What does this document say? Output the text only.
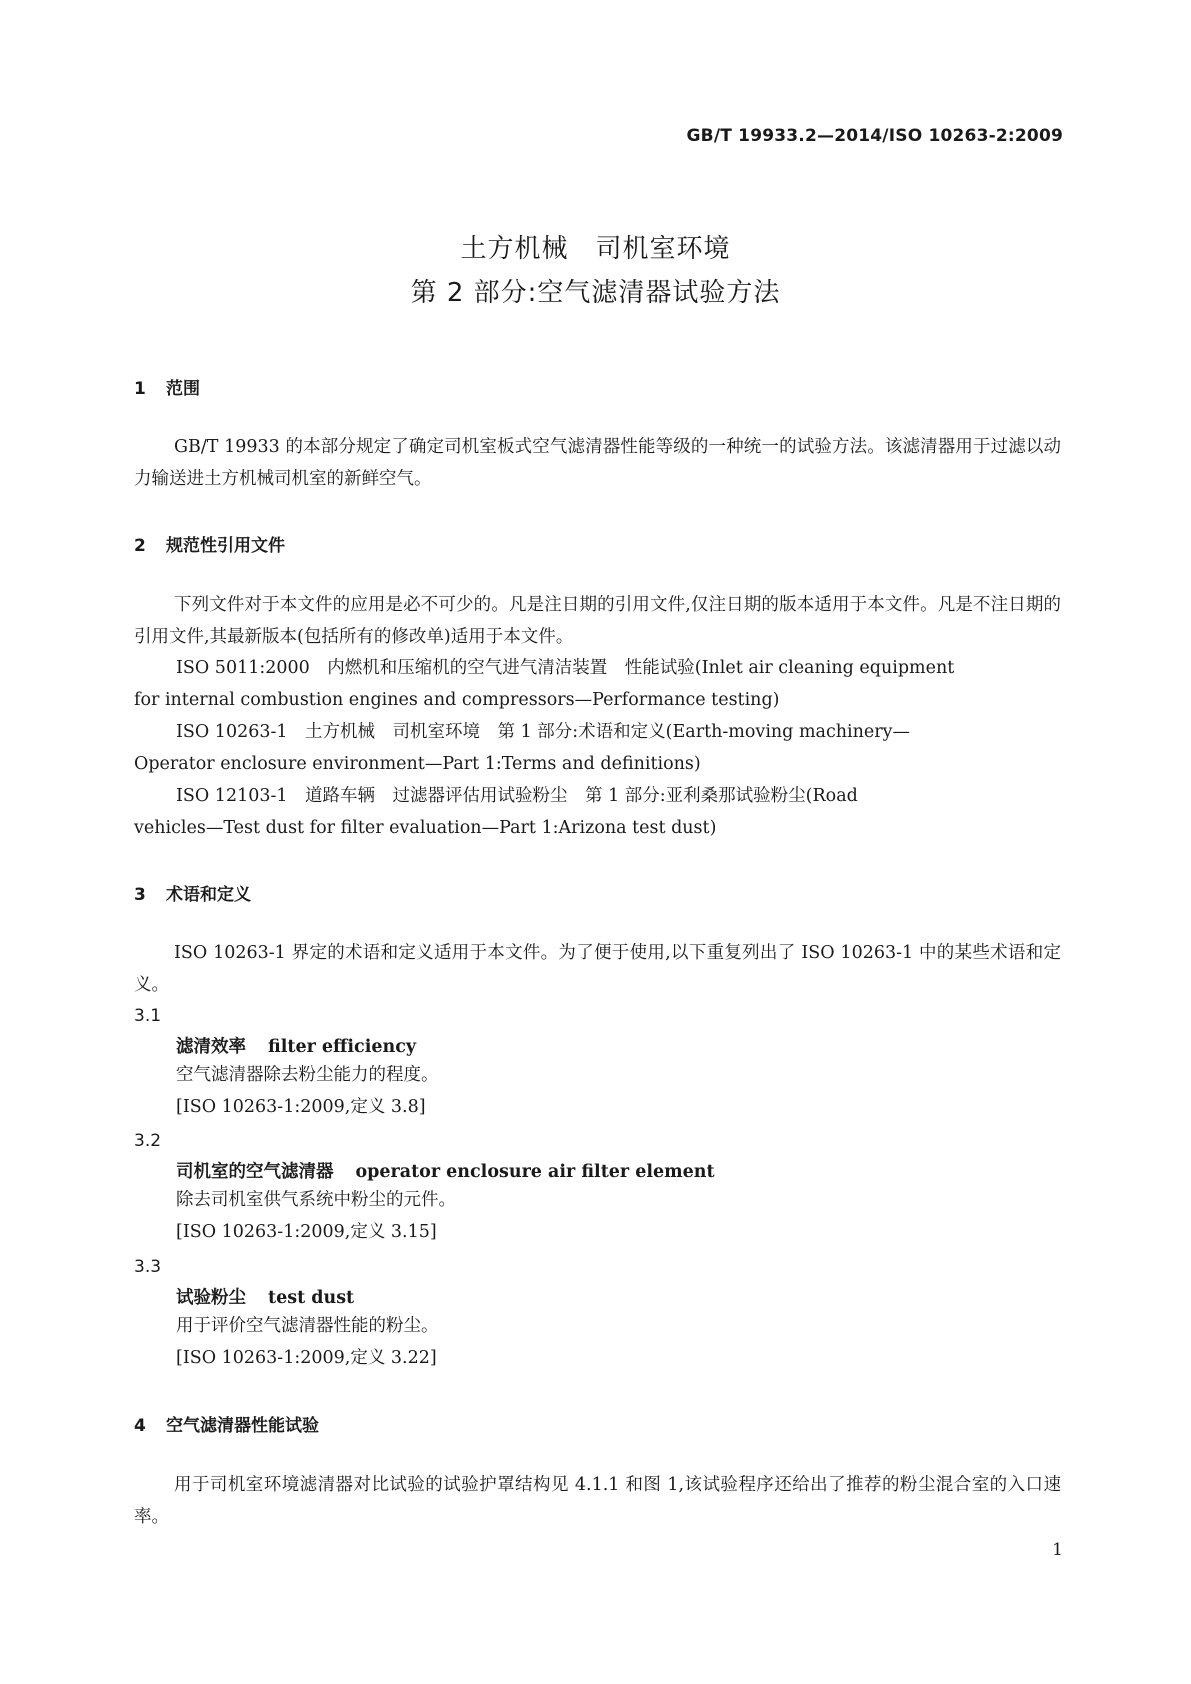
GB/T 19933.2—2014/ISO 10263-2:2009
土方机械　司机室环境
第 2 部分:空气滤清器试验方法
1 范围

GB/T 19933 的本部分规定了确定司机室板式空气滤清器性能等级的一种统一的试验方法。该滤清器用于过滤以动力输送进土方机械司机室的新鲜空气。

2 规范性引用文件

下列文件对于本文件的应用是必不可少的。凡是注日期的引用文件,仅注日期的版本适用于本文件。凡是不注日期的引用文件,其最新版本(包括所有的修改单)适用于本文件。

ISO 5011:2000　内燃机和压缩机的空气进气清洁装置　性能试验(Inlet air cleaning equipment
for internal combustion engines and compressors—Performance testing)
ISO 10263-1　土方机械　司机室环境　第 1 部分:术语和定义(Earth-moving machinery—
Operator enclosure environment—Part 1:Terms and definitions)
ISO 12103-1　道路车辆　过滤器评估用试验粉尘　第 1 部分:亚利桑那试验粉尘(Road
vehicles—Test dust for filter evaluation—Part 1:Arizona test dust)
3 术语和定义

ISO 10263-1 界定的术语和定义适用于本文件。为了便于使用,以下重复列出了 ISO 10263-1 中的某些术语和定义。

3.1
滤清效率 filter efficiency
空气滤清器除去粉尘能力的程度。
[ISO 10263-1:2009,定义 3.8]
3.2
司机室的空气滤清器 operator enclosure air filter element
除去司机室供气系统中粉尘的元件。
[ISO 10263-1:2009,定义 3.15]
3.3
试验粉尘 test dust
用于评价空气滤清器性能的粉尘。
[ISO 10263-1:2009,定义 3.22]
4 空气滤清器性能试验

用于司机室环境滤清器对比试验的试验护罩结构见 4.1.1 和图 1,该试验程序还给出了推荐的粉尘混合室的入口速率。

1
